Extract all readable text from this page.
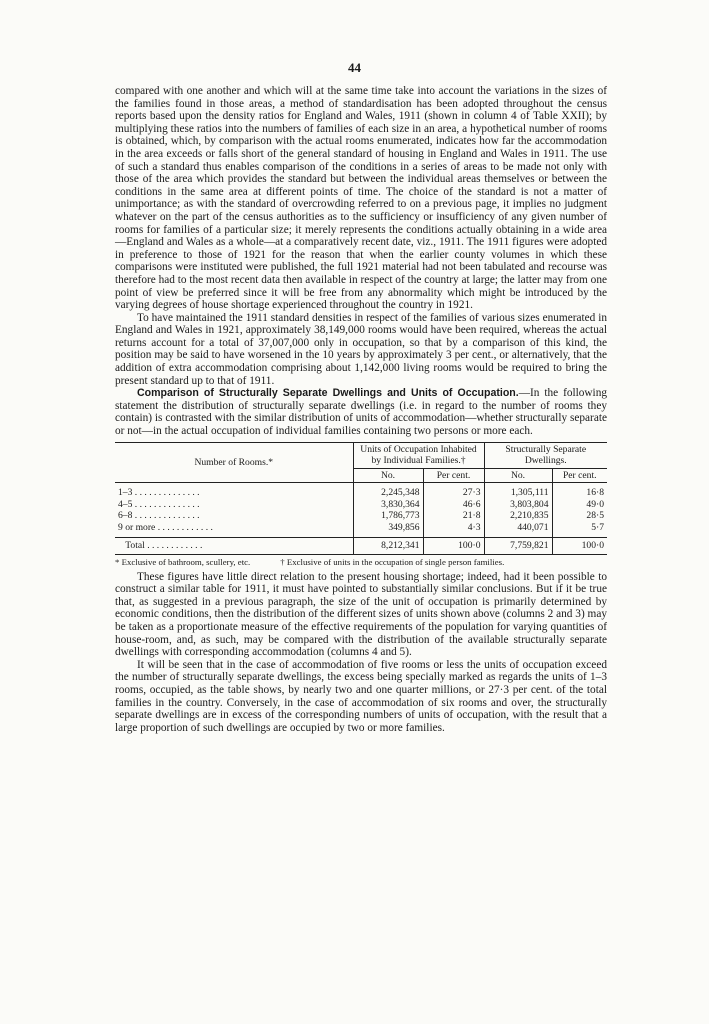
44

compared with one another and which will at the same time take into account the variations in the sizes of the families found in those areas, a method of standardisation has been adopted throughout the census reports based upon the density ratios for England and Wales, 1911 (shown in column 4 of Table XXII); by multiplying these ratios into the numbers of families of each size in an area, a hypothetical number of rooms is obtained, which, by comparison with the actual rooms enumerated, indicates how far the accommodation in the area exceeds or falls short of the general standard of housing in England and Wales in 1911. The use of such a standard thus enables comparison of the conditions in a series of areas to be made not only with those of the area which provides the standard but between the individual areas themselves or between the conditions in the same area at different points of time. The choice of the standard is not a matter of unimportance; as with the standard of overcrowding referred to on a previous page, it implies no judgment whatever on the part of the census authorities as to the sufficiency or insufficiency of any given number of rooms for families of a particular size; it merely represents the conditions actually obtaining in a wide area—England and Wales as a whole—at a comparatively recent date, viz., 1911. The 1911 figures were adopted in preference to those of 1921 for the reason that when the earlier county volumes in which these comparisons were instituted were published, the full 1921 material had not been tabulated and recourse was therefore had to the most recent data then available in respect of the country at large; the latter may from one point of view be preferred since it will be free from any abnormality which might be introduced by the varying degrees of house shortage experienced throughout the country in 1921.

To have maintained the 1911 standard densities in respect of the families of various sizes enumerated in England and Wales in 1921, approximately 38,149,000 rooms would have been required, whereas the actual returns account for a total of 37,007,000 only in occupation, so that by a comparison of this kind, the position may be said to have worsened in the 10 years by approximately 3 per cent., or alternatively, that the addition of extra accommodation comprising about 1,142,000 living rooms would be required to bring the present standard up to that of 1911.

Comparison of Structurally Separate Dwellings and Units of Occupation.—In the following statement the distribution of structurally separate dwellings (i.e. in regard to the number of rooms they contain) is contrasted with the similar distribution of units of accommodation—whether structurally separate or not—in the actual occupation of individual families containing two persons or more each.

Number of Rooms.*	Units of Occupation Inhabited by Individual Families.†		Structurally Separate Dwellings.	
	No.	Per cent.	No.	Per cent.
1–3 . . . . . . . . . . . . . .	2,245,348	27·3	1,305,111	16·8
4–5 . . . . . . . . . . . . . .	3,830,364	46·6	3,803,804	49·0
6–8 . . . . . . . . . . . . . .	1,786,773	21·8	2,210,835	28·5
9 or more . . . . . . . . . . . .	349,856	4·3	440,071	5·7
Total . . . . . . . . . . . .	8,212,341	100·0	7,759,821	100·0
* Exclusive of bathroom, scullery, etc.	† Exclusive of units in the occupation of single person families.

These figures have little direct relation to the present housing shortage; indeed, had it been possible to construct a similar table for 1911, it must have pointed to substantially similar conclusions. But if it be true that, as suggested in a previous paragraph, the size of the unit of occupation is primarily determined by economic conditions, then the distribution of the different sizes of units shown above (columns 2 and 3) may be taken as a proportionate measure of the effective requirements of the population for varying quantities of house-room, and, as such, may be compared with the distribution of the available structurally separate dwellings with corresponding accommodation (columns 4 and 5).

It will be seen that in the case of accommodation of five rooms or less the units of occupation exceed the number of structurally separate dwellings, the excess being specially marked as regards the units of 1–3 rooms, occupied, as the table shows, by nearly two and one quarter millions, or 27·3 per cent. of the total families in the country. Conversely, in the case of accommodation of six rooms and over, the structurally separate dwellings are in excess of the corresponding numbers of units of occupation, with the result that a large proportion of such dwellings are occupied by two or more families.
